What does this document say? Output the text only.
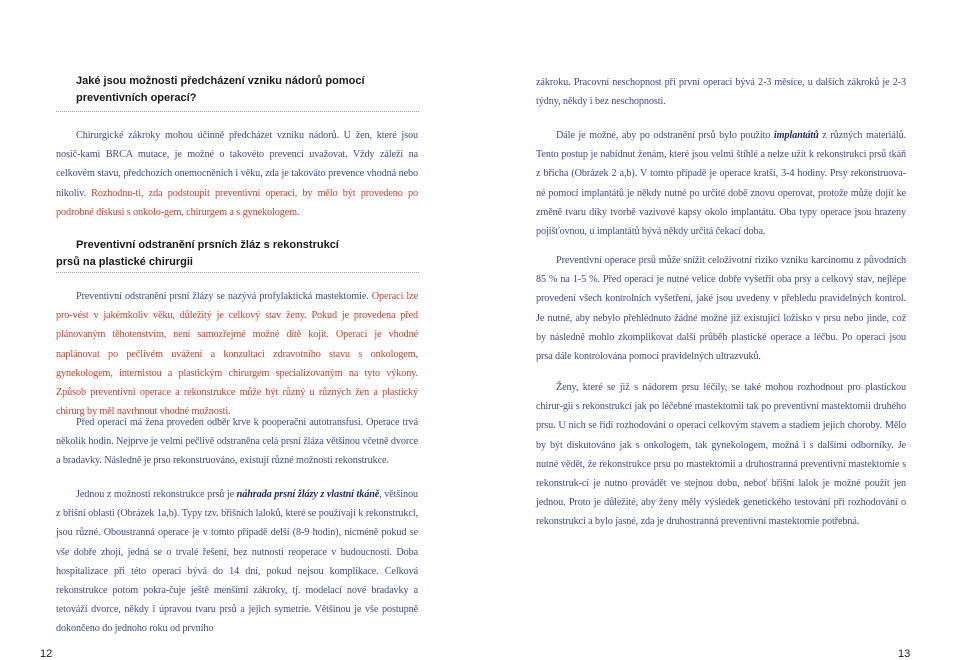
Jaké jsou možnosti předcházení vzniku nádorů pomocí
preventivních operací?

Chirurgické zákroky mohou účinně předcházet vzniku nádorů. U žen, které jsou nosič-kami BRCA mutace, je možné o takovéto prevenci uvažovat. Vždy záleží na celkovém stavu, předchozích onemocněních i věku, zda je takováto prevence vhodná nebo nikoliv. Rozhodnu-ti, zda podstoupit preventivní operaci, by mělo být provedeno po podrobné diskusi s onkolo-gem, chirurgem a s gynekologem.

Preventivní odstranění prsních žláz s rekonstrukcí
prsů na plastické chirurgii

Preventivní odstranění prsní žlázy se nazývá profylaktická mastektomie. Operaci lze pro-vést v jakémkoliv věku, důležitý je celkový stav ženy. Pokud je provedena před plánovaným těhotenstvím, není samozřejmé možné dítě kojit. Operaci je vhodné naplánovat po pečlivém uvážení a konzultaci zdravotního stavu s onkologem, gynekologem, internistou a plastickým chirurgem specializovaným na tyto výkony. Způsob preventivní operace a rekonstrukce může být různý u různých žen a plastický chirurg by měl navrhnout vhodné možnosti.

Před operací má žena proveden odběr krve k pooperační autotransfusi. Operace trvá několik hodin. Nejprve je velmi pečlivě odstraněna celá prsní žláza většinou včetně dvorce a bradavky. Následně je prso rekonstruováno, existují různé možnosti rekonstrukce.

Jednou z možností rekonstrukce prsů je náhrada prsní žlázy z vlastní tkáně, většinou z břišní oblasti (Obrázek 1a,b). Typy tzv. břišních laloků, které se používají k rekonstrukci, jsou různé. Oboustranná operace je v tomto případě delší (8-9 hodin), nicméně pokud se vše dobře zhojí, jedná se o trvalé řešení, bez nutnosti reoperace v budoucnosti. Doba hospitalizace při této operaci bývá do 14 dní, pokud nejsou komplikace. Celková rekonstrukce potom pokra-čuje ještě menšími zákroky, tj. modelací nové bradavky a tetováží dvorce, někdy i úpravou tvaru prsů a jejich symetrie. Většinou je vše postupně dokončeno do jednoho roku od prvního

12

zákroku. Pracovní neschopnost při první operaci bývá 2-3 měsíce, u dalších zákroků je 2-3 týdny, někdy i bez neschopnosti.

Dále je možné, aby po odstranění prsů bylo použito implantátů z různých materiálů. Tento postup je nabídnut ženám, které jsou velmi štíhlé a nelze užít k rekonstrukci prsů tkáň z břicha (Obrázek 2 a,b). V tomto případě je operace kratší, 3-4 hodiny. Prsy rekonstruova-né pomocí implantátů je někdy nutné po určité době znovu operovat, protože může dojít ke změně tvaru díky tvorbě vazivové kapsy okolo implantátu. Oba typy operace jsou hrazeny pojišťovnou, u implantátů bývá někdy určitá čekací doba.

Preventivní operace prsů může snížit celoživotní riziko vzniku karcinomu z původních 85 % na 1-5 %. Před operací je nutné velice dobře vyšetřit oba prsy a celkový stav, nejlépe provedení všech kontrolních vyšetření, jaké jsou uvedeny v přehledu pravidelných kontrol. Je nutné, aby nebylo přehlédnuto žádné možné již existující ložisko v prsu nebo jinde, což by následně mohlo zkomplikovat další průběh plastické operace a léčbu. Po operaci jsou prsa dále kontrolována pomocí pravidelných ultrazvuků.

Ženy, které se již s nádorem prsu léčily, se také mohou rozhodnout pro plastickou chirur-gii s rekonstrukcí jak po léčebné mastektomii tak po preventivní mastektomii druhého prsu. U nich se řídí rozhodování o operaci celkovým stavem a stadiem jejich choroby. Mělo by být diskutováno jak s onkologem, tak gynekologem, možná i s dalšími odborníky. Je nutné vědět, že rekonstrukce prsu po mastektomii a druhostranná preventivní mastektomie s rekonstruk-cí je nutno provádět ve stejnou dobu, neboť břišní lalok je možné použít jen jednou. Proto je důležité, aby ženy měly výsledek genetického testování při rozhodování o rekonstrukci a bylo jasné, zda je druhostranná preventivní mastektomie potřebná.

13
